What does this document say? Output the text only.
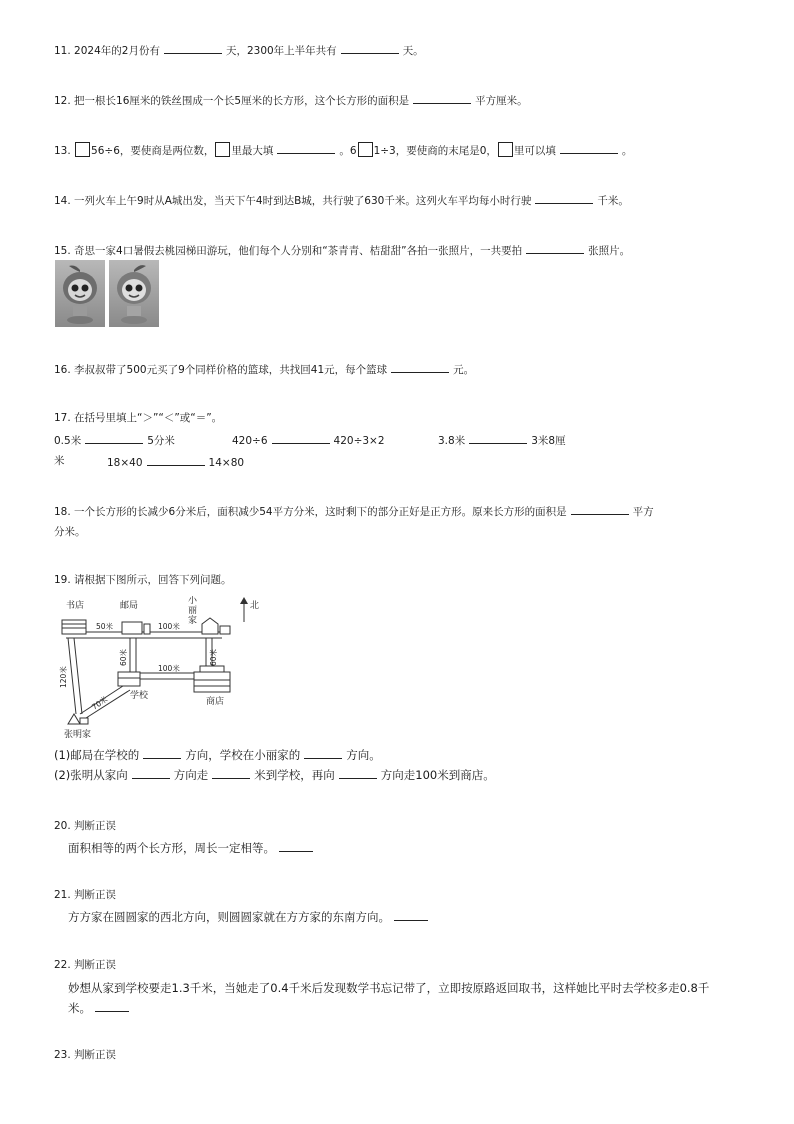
11. 2024年的2月份有	天，2300年上半年共有	天。
12. 把一根长16厘米的铁丝围成一个长5厘米的长方形，这个长方形的面积是	平方厘米。
13. 56÷6，要使商是两位数， 里最大填	。6 1÷3，要使商的末尾是0， 里可以填	。
14. 一列火车上午9时从A城出发，当天下午4时到达B城，共行驶了630千米。这列火车平均每小时行驶	千米。
15. 奇思一家4口暑假去桃园梯田游玩，他们每个人分别和“茶青青、桔甜甜”各拍一张照片，一共要拍	张照片。
16. 李叔叔带了500元买了9个同样价格的篮球，共找回41元，每个篮球	元。
17. 在括号里填上“＞”“＜”或“＝”。
0.5米	5分米	420÷6	420÷3×2	3.8米	3米8厘
米	18×40	14×80
18. 一个长方形的长减少6分米后，面积减少54平方分米，这时剩下的部分正好是正方形。原来长方形的面积是	平方
分米。
19. 请根据下图所示，回答下列问题。
书店	邮局	小
丽
家
北
50米	100米
100米
60米	60米
120米
70米 学校
商店
张明家
(1)邮局在学校的	方向，学校在小丽家的	方向。
(2)张明从家向	方向走	米到学校，再向	方向走100米到商店。
20. 判断正误
面积相等的两个长方形，周长一定相等。
21. 判断正误
方方家在圆圆家的西北方向，则圆圆家就在方方家的东南方向。
22. 判断正误
妙想从家到学校要走1.3千米，当她走了0.4千米后发现数学书忘记带了，立即按原路返回取书，这样她比平时去学校多走0.8千
米。
23. 判断正误
